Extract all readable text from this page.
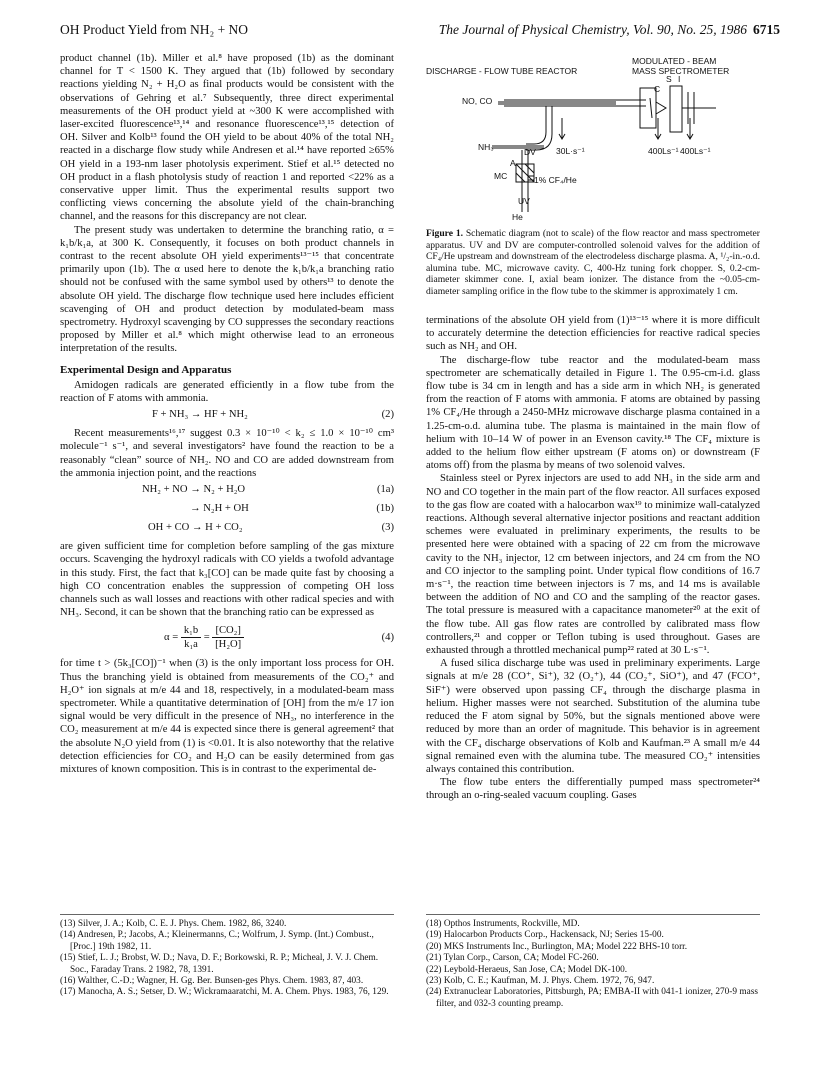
OH Product Yield from NH₂ + NO	The Journal of Physical Chemistry, Vol. 90, No. 25, 1986 6715

product channel (1b). Miller et al.⁸ have proposed (1b) as the dominant channel for T < 1500 K. They argued that (1b) followed by secondary reactions yielding N₂ + H₂O as final products would be consistent with the observations of Gehring et al.⁷ Subsequently, three direct experimental measurements of the OH product yield at ~300 K were accomplished with laser-excited fluorescence¹³,¹⁴ and resonance fluorescence¹³,¹⁵ detection of OH. Silver and Kolb¹³ found the OH yield to be about 40% of the total NH₂ reacted in a discharge flow study while Andresen et al.¹⁴ have reported ≥65% OH yield in a 193-nm laser photolysis experiment. Stief et al.¹⁵ detected no OH product in a flash photolysis study of reaction 1 and reported <22% as a conservative upper limit. Thus the experimental results support two conflicting views concerning the absolute yield of the chain-branching channel, and the reasons for this discrepancy are not clear.

The present study was undertaken to determine the branching ratio, α = k₁b/k₁a, at 300 K. Consequently, it focuses on both product channels in contrast to the recent absolute OH yield experiments¹³⁻¹⁵ that concentrate primarily upon (1b). The α used here to denote the k₁b/k₁a branching ratio should not be confused with the same symbol used by others¹³ to denote the absolute OH yield. The discharge flow technique used here includes efficient scavenging of OH and product detection by modulated-beam mass spectrometry. Hydroxyl scavenging by CO suppresses the secondary reactions proposed by Miller et al.⁸ which might otherwise lead to an erroneous interpretation of the results.

Experimental Design and Apparatus

Amidogen radicals are generated efficiently in a flow tube from the reaction of F atoms with ammonia.

F + NH₃ → HF + NH₂	(2)

Recent measurements¹⁶,¹⁷ suggest 0.3 × 10⁻¹⁰ < k₂ ≤ 1.0 × 10⁻¹⁰ cm³ molecule⁻¹ s⁻¹, and several investigators² have found the reaction to be a reasonably “clean” source of NH₂. NO and CO are added downstream from the ammonia injection point, and the reactions

NH₂ + NO → N₂ + H₂O	(1a)
→ N₂H + OH	(1b)
OH + CO → H + CO₂	(3)

are given sufficient time for completion before sampling of the gas mixture occurs. Scavenging the hydroxyl radicals with CO yields a twofold advantage in this study. First, the fact that k₃[CO] can be made quite fast by choosing a high CO concentration enables the suppression of competing OH loss channels such as wall losses and reactions with other radical species and with NH₃. Second, it can be shown that the branching ratio can be expressed as

$\alpha = \frac{\text{k₁b}}{\text{k₁a}} = \frac{\text{[CO₂]}}{\text{[H₂O]}}$	(4)

for time t > (5k₃[CO])⁻¹ when (3) is the only important loss process for OH. Thus the branching yield is obtained from measurements of the CO₂⁺ and H₂O⁺ ion signals at m/e 44 and 18, respectively, in a modulated-beam mass spectrometer. While a quantitative determination of [OH] from the m/e 17 ion signal would be very difficult in the presence of NH₃, no interference in the CO₂ measurement at m/e 44 is expected since there is general agreement² that the absolute N₂O yield from (1) is <0.01. It is also noteworthy that the relative detection efficiencies for CO₂ and H₂O can be easily determined from gas mixtures of known composition. This is in contrast to the experimental de-

DISCHARGE - FLOW TUBE REACTOR
MODULATED - BEAM MASS SPECTROMETER
NO, CO
NH₃
C
S I
DV
A
MC	1% CF₄/He
UV
He
30L·s⁻¹	400Ls⁻¹ 400Ls⁻¹
Figure 1. Schematic diagram (not to scale) of the flow reactor and mass spectrometer apparatus. UV and DV are computer-controlled solenoid valves for the addition of CF₄/He upstream and downstream of the electrodeless discharge plasma. A, ¹/₂-in.-o.d. alumina tube. MC, microwave cavity. C, 400-Hz tuning fork chopper. S, 0.2-cm-diameter skimmer cone. I, axial beam ionizer. The distance from the ~0.05-cm-diameter sampling orifice in the flow tube to the skimmer is approximately 1 cm.

terminations of the absolute OH yield from (1)¹³⁻¹⁵ where it is more difficult to accurately determine the detection efficiencies for reactive radical species such as NH₂ and OH.

The discharge-flow tube reactor and the modulated-beam mass spectrometer are schematically detailed in Figure 1. The 0.95-cm-i.d. glass flow tube is 34 cm in length and has a side arm in which NH₂ is generated from the reaction of F atoms with ammonia. F atoms are obtained by passing 1% CF₄/He through a 2450-MHz microwave discharge plasma contained in a 1.25-cm-o.d. alumina tube. The plasma is maintained in the main flow of helium with 10–14 W of power in an Evenson cavity.¹⁸ The CF₄ mixture is added to the helium flow either upstream (F atoms on) or downstream (F atoms off) from the plasma by means of two solenoid valves.

Stainless steel or Pyrex injectors are used to add NH₃ in the side arm and NO and CO together in the main part of the flow reactor. All surfaces exposed to the gas flow are coated with a halocarbon wax¹⁹ to minimize wall-catalyzed reactions. Although several alternative injector positions and reactant addition schemes were evaluated in preliminary experiments, the results to be presented here were obtained with a spacing of 22 cm from the microwave cavity to the NH₃ injector, 12 cm between injectors, and 24 cm from the NO and CO injector to the sampling point. Under typical flow conditions of 16.7 m·s⁻¹, the reaction time between injectors is 7 ms, and 14 ms is available between the addition of NO and CO and the sampling of the reactor gases. The total pressure is measured with a capacitance manometer²⁰ at the exit of the flow tube. All gas flow rates are controlled by calibrated mass flow controllers,²¹ and copper or Teflon tubing is used throughout. Gases are exhausted through a throttled mechanical pump²² rated at 30 L·s⁻¹.

A fused silica discharge tube was used in preliminary experiments. Large signals at m/e 28 (CO⁺, Si⁺), 32 (O₂⁺), 44 (CO₂⁺, SiO⁺), and 47 (FCO⁺, SiF⁺) were observed upon passing CF₄ through the discharge plasma in helium. Higher masses were not searched. Substitution of the alumina tube reduced the F atom signal by 50%, but the signals mentioned above were reduced by more than an order of magnitude. This behavior is in agreement with the CF₄ discharge observations of Kolb and Kaufman.²³ A small m/e 44 signal remained even with the alumina tube. The measured CO₂⁺ intensities always contained this contribution.

The flow tube enters the differentially pumped mass spectrometer²⁴ through an o-ring-sealed vacuum coupling. Gases

(13) Silver, J. A.; Kolb, C. E. J. Phys. Chem. 1982, 86, 3240.
(14) Andresen, P.; Jacobs, A.; Kleinermanns, C.; Wolfrum, J. Symp. (Int.) Combust., [Proc.] 19th 1982, 11.
(15) Stief, L. J.; Brobst, W. D.; Nava, D. F.; Borkowski, R. P.; Micheal, J. V. J. Chem. Soc., Faraday Trans. 2 1982, 78, 1391.
(16) Walther, C.-D.; Wagner, H. Gg. Ber. Bunsen-ges Phys. Chem. 1983, 87, 403.
(17) Manocha, A. S.; Setser, D. W.; Wickramaaratchi, M. A. Chem. Phys. 1983, 76, 129.
(18) Opthos Instruments, Rockville, MD.
(19) Halocarbon Products Corp., Hackensack, NJ; Series 15-00.
(20) MKS Instruments Inc., Burlington, MA; Model 222 BHS-10 torr.
(21) Tylan Corp., Carson, CA; Model FC-260.
(22) Leybold-Heraeus, San Jose, CA; Model DK-100.
(23) Kolb, C. E.; Kaufman, M. J. Phys. Chem. 1972, 76, 947.
(24) Extranuclear Laboratories, Pittsburgh, PA; EMBA-II with 041-1 ionizer, 270-9 mass filter, and 032-3 counting preamp.
